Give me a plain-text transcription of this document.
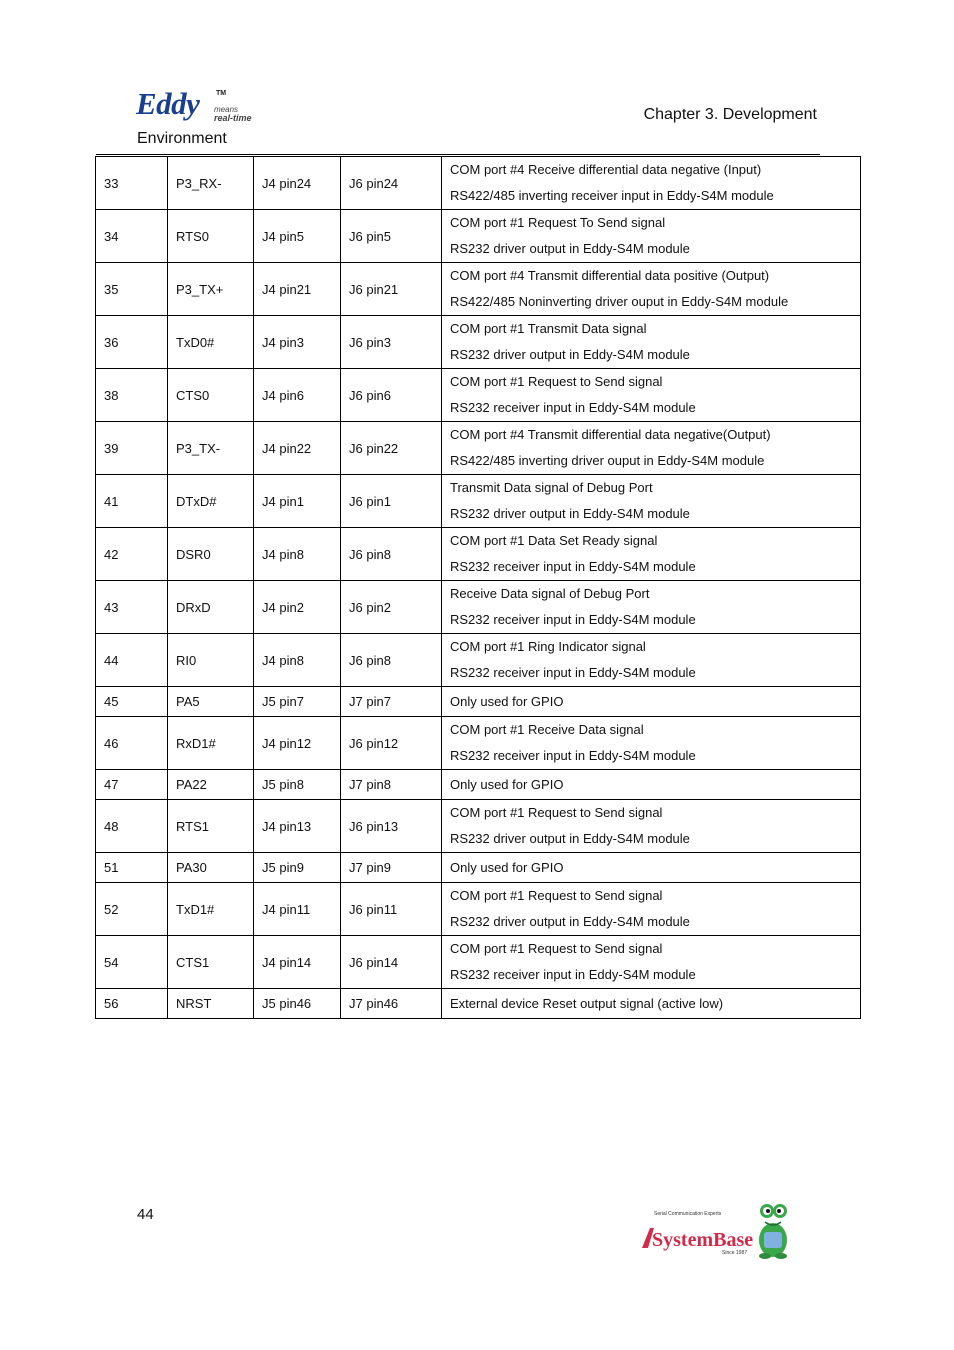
Eddy TM
means
real-time	Chapter 3. Development
Environment
33	P3_RX-	J4 pin24	J6 pin24	COM port #4 Receive differential data negative (Input)
RS422/485 inverting receiver input in Eddy-S4M module

34	RTS0	J4 pin5	J6 pin5	COM port #1 Request To Send signal
RS232 driver output in Eddy-S4M module

35	P3_TX+	J4 pin21	J6 pin21	COM port #4 Transmit differential data positive (Output)
RS422/485 Noninverting driver ouput in Eddy-S4M module

36	TxD0#	J4 pin3	J6 pin3	COM port #1 Transmit Data signal
RS232 driver output in Eddy-S4M module

38	CTS0	J4 pin6	J6 pin6	COM port #1 Request to Send signal
RS232 receiver input in Eddy-S4M module

39	P3_TX-	J4 pin22	J6 pin22	COM port #4 Transmit differential data negative(Output)
RS422/485 inverting driver ouput in Eddy-S4M module

41	DTxD#	J4 pin1	J6 pin1	Transmit Data signal of Debug Port
RS232 driver output in Eddy-S4M module

42	DSR0	J4 pin8	J6 pin8	COM port #1 Data Set Ready signal
RS232 receiver input in Eddy-S4M module

43	DRxD	J4 pin2	J6 pin2	Receive Data signal of Debug Port
RS232 receiver input in Eddy-S4M module

44	RI0	J4 pin8	J6 pin8	COM port #1 Ring Indicator signal
RS232 receiver input in Eddy-S4M module

45	PA5	J5 pin7	J7 pin7	Only used for GPIO

46	RxD1#	J4 pin12	J6 pin12	COM port #1 Receive Data signal
RS232 receiver input in Eddy-S4M module

47	PA22	J5 pin8	J7 pin8	Only used for GPIO

48	RTS1	J4 pin13	J6 pin13	COM port #1 Request to Send signal
RS232 driver output in Eddy-S4M module

51	PA30	J5 pin9	J7 pin9	Only used for GPIO

52	TxD1#	J4 pin11	J6 pin11	COM port #1 Request to Send signal
RS232 driver output in Eddy-S4M module

54	CTS1	J4 pin14	J6 pin14	COM port #1 Request to Send signal
RS232 receiver input in Eddy-S4M module

56	NRST	J5 pin46	J7 pin46	External device Reset output signal (active low)
44	Serial Communication Experts
SystemBase
Since 1987
